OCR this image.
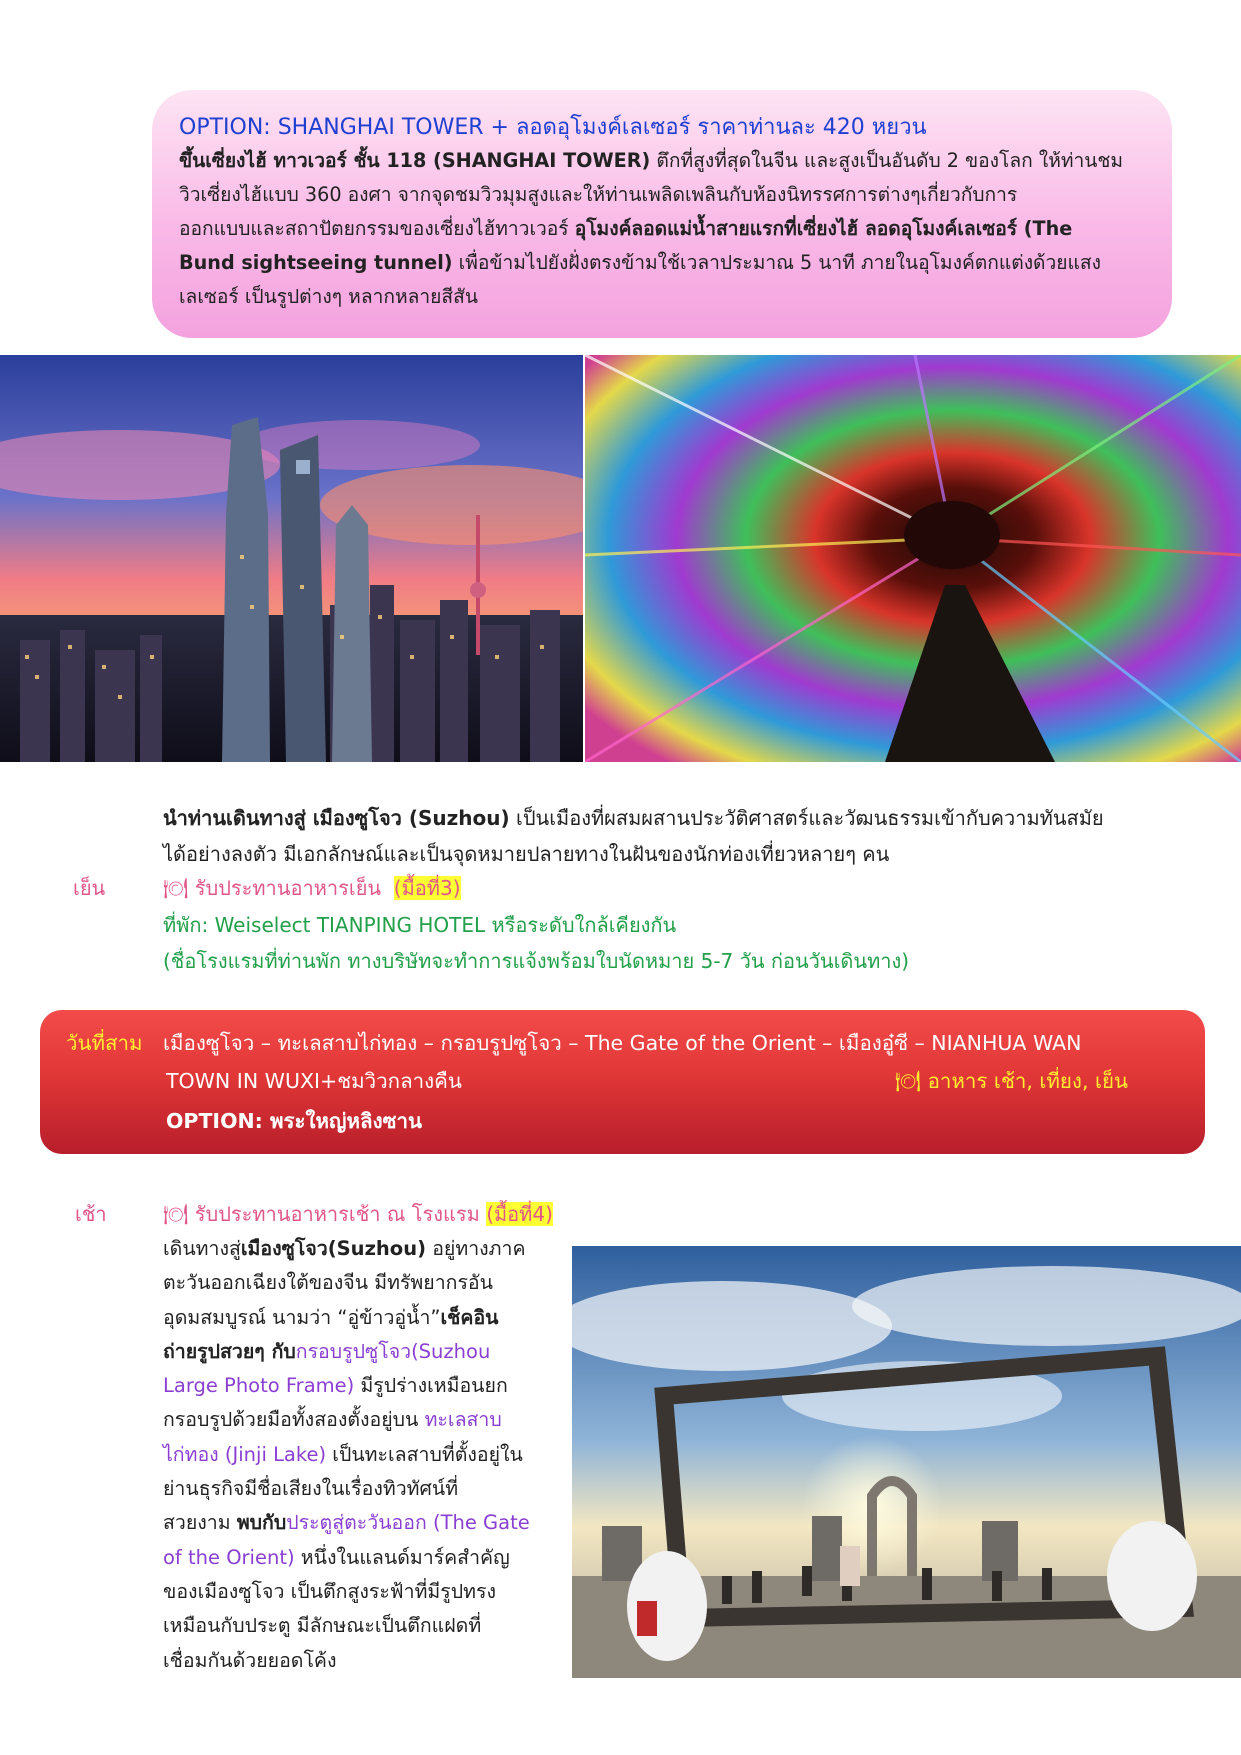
OPTION: SHANGHAI TOWER + ลอดอุโมงค์เลเซอร์ ราคาท่านละ 420 หยวน
ขึ้นเซี่ยงไฮ้ ทาวเวอร์ ชั้น 118 (SHANGHAI TOWER) ตึกที่สูงที่สุดในจีน และสูงเป็นอันดับ 2 ของโลก ให้ท่านชม
วิวเซี่ยงไฮ้แบบ 360 องศา จากจุดชมวิวมุมสูงและให้ท่านเพลิดเพลินกับห้องนิทรรศการต่างๆเกี่ยวกับการ
ออกแบบและสถาปัตยกรรมของเซี่ยงไฮ้ทาวเวอร์ อุโมงค์ลอดแม่น้ำสายแรกที่เซี่ยงไฮ้ ลอดอุโมงค์เลเซอร์ (The
Bund sightseeing tunnel) เพื่อข้ามไปยังฝั่งตรงข้ามใช้เวลาประมาณ 5 นาที ภายในอุโมงค์ตกแต่งด้วยแสง
เลเซอร์ เป็นรูปต่างๆ หลากหลายสีสัน
นำท่านเดินทางสู่ เมืองซูโจว (Suzhou) เป็นเมืองที่ผสมผสานประวัติศาสตร์และวัฒนธรรมเข้ากับความทันสมัย
ได้อย่างลงตัว มีเอกลักษณ์และเป็นจุดหมายปลายทางในฝันของนักท่องเที่ยวหลายๆ คน
เย็น	🍽 รับประทานอาหารเย็น (มื้อที่3)
ที่พัก: Weiselect TIANPING HOTEL หรือระดับใกล้เคียงกัน
(ชื่อโรงแรมที่ท่านพัก ทางบริษัทจะทำการแจ้งพร้อมใบนัดหมาย 5-7 วัน ก่อนวันเดินทาง)
วันที่สาม เมืองซูโจว – ทะเลสาบไก่ทอง – กรอบรูปซูโจว – The Gate of the Orient – เมืองอู๋ซี – NIANHUA WAN
TOWN IN WUXI+ชมวิวกลางคืน	🍽 อาหาร เช้า, เที่ยง, เย็น
OPTION: พระใหญ่หลิงซาน
เช้า	🍽 รับประทานอาหารเช้า ณ โรงแรม (มื้อที่4)
เดินทางสู่เมืองซูโจว(Suzhou) อยู่ทางภาค
ตะวันออกเฉียงใต้ของจีน มีทรัพยากรอัน
อุดมสมบูรณ์ นามว่า “อู่ข้าวอู่น้ำ”เช็คอิน
ถ่ายรูปสวยๆ กับกรอบรูปซูโจว(Suzhou
Large Photo Frame) มีรูปร่างเหมือนยก
กรอบรูปด้วยมือทั้งสองตั้งอยู่บน ทะเลสาบ
ไก่ทอง (Jinji Lake) เป็นทะเลสาบที่ตั้งอยู่ใน
ย่านธุรกิจมีชื่อเสียงในเรื่องทิวทัศน์ที่
สวยงาม พบกับประตูสู่ตะวันออก (The Gate
of the Orient) หนึ่งในแลนด์มาร์คสำคัญ
ของเมืองซูโจว เป็นตึกสูงระฟ้าที่มีรูปทรง
เหมือนกับประตู มีลักษณะเป็นตึกแฝดที่
เชื่อมกันด้วยยอดโค้ง
